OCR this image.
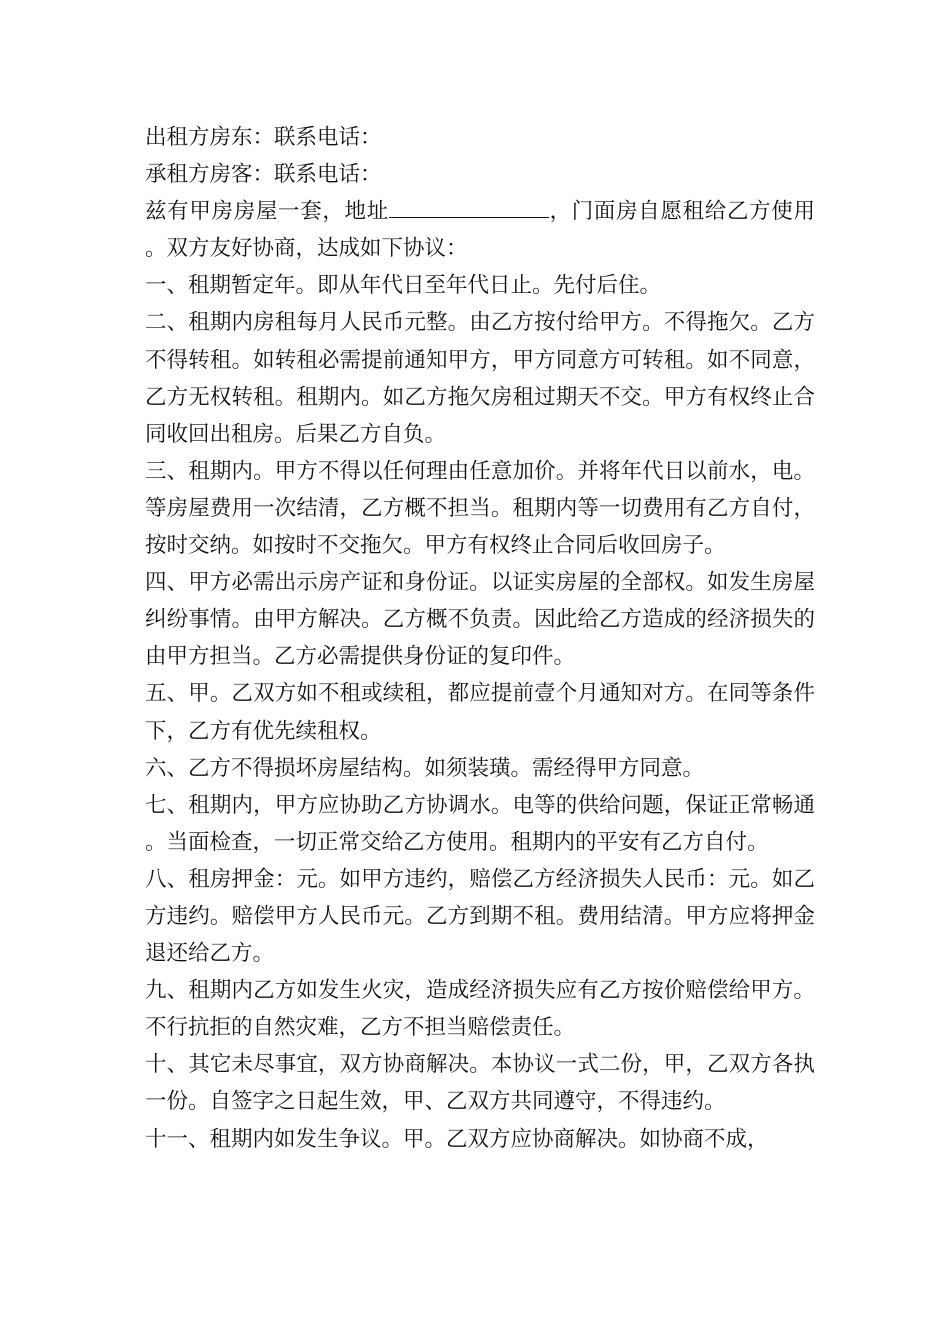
出租方房东：联系电话：

承租方房客：联系电话：

兹有甲房房屋一套，地址	，门面房自愿租给乙方使用。双方友好协商，达成如下协议：

一、租期暂定年。即从年代日至年代日止。先付后住。

二、租期内房租每月人民币元整。由乙方按付给甲方。不得拖欠。乙方不得转租。如转租必需提前通知甲方，甲方同意方可转租。如不同意，乙方无权转租。租期内。如乙方拖欠房租过期天不交。甲方有权终止合同收回出租房。后果乙方自负。

三、租期内。甲方不得以任何理由任意加价。并将年代日以前水，电。等房屋费用一次结清，乙方概不担当。租期内等一切费用有乙方自付，按时交纳。如按时不交拖欠。甲方有权终止合同后收回房子。

四、甲方必需出示房产证和身份证。以证实房屋的全部权。如发生房屋纠纷事情。由甲方解决。乙方概不负责。因此给乙方造成的经济损失的由甲方担当。乙方必需提供身份证的复印件。

五、甲。乙双方如不租或续租，都应提前壹个月通知对方。在同等条件下，乙方有优先续租权。

六、乙方不得损坏房屋结构。如须装璜。需经得甲方同意。

七、租期内，甲方应协助乙方协调水。电等的供给问题，保证正常畅通。当面检查，一切正常交给乙方使用。租期内的平安有乙方自付。

八、租房押金：元。如甲方违约，赔偿乙方经济损失人民币：元。如乙方违约。赔偿甲方人民币元。乙方到期不租。费用结清。甲方应将押金退还给乙方。

九、租期内乙方如发生火灾，造成经济损失应有乙方按价赔偿给甲方。不行抗拒的自然灾难，乙方不担当赔偿责任。

十、其它未尽事宜，双方协商解决。本协议一式二份，甲，乙双方各执一份。自签字之日起生效，甲、乙双方共同遵守，不得违约。

十一、租期内如发生争议。甲。乙双方应协商解决。如协商不成，
